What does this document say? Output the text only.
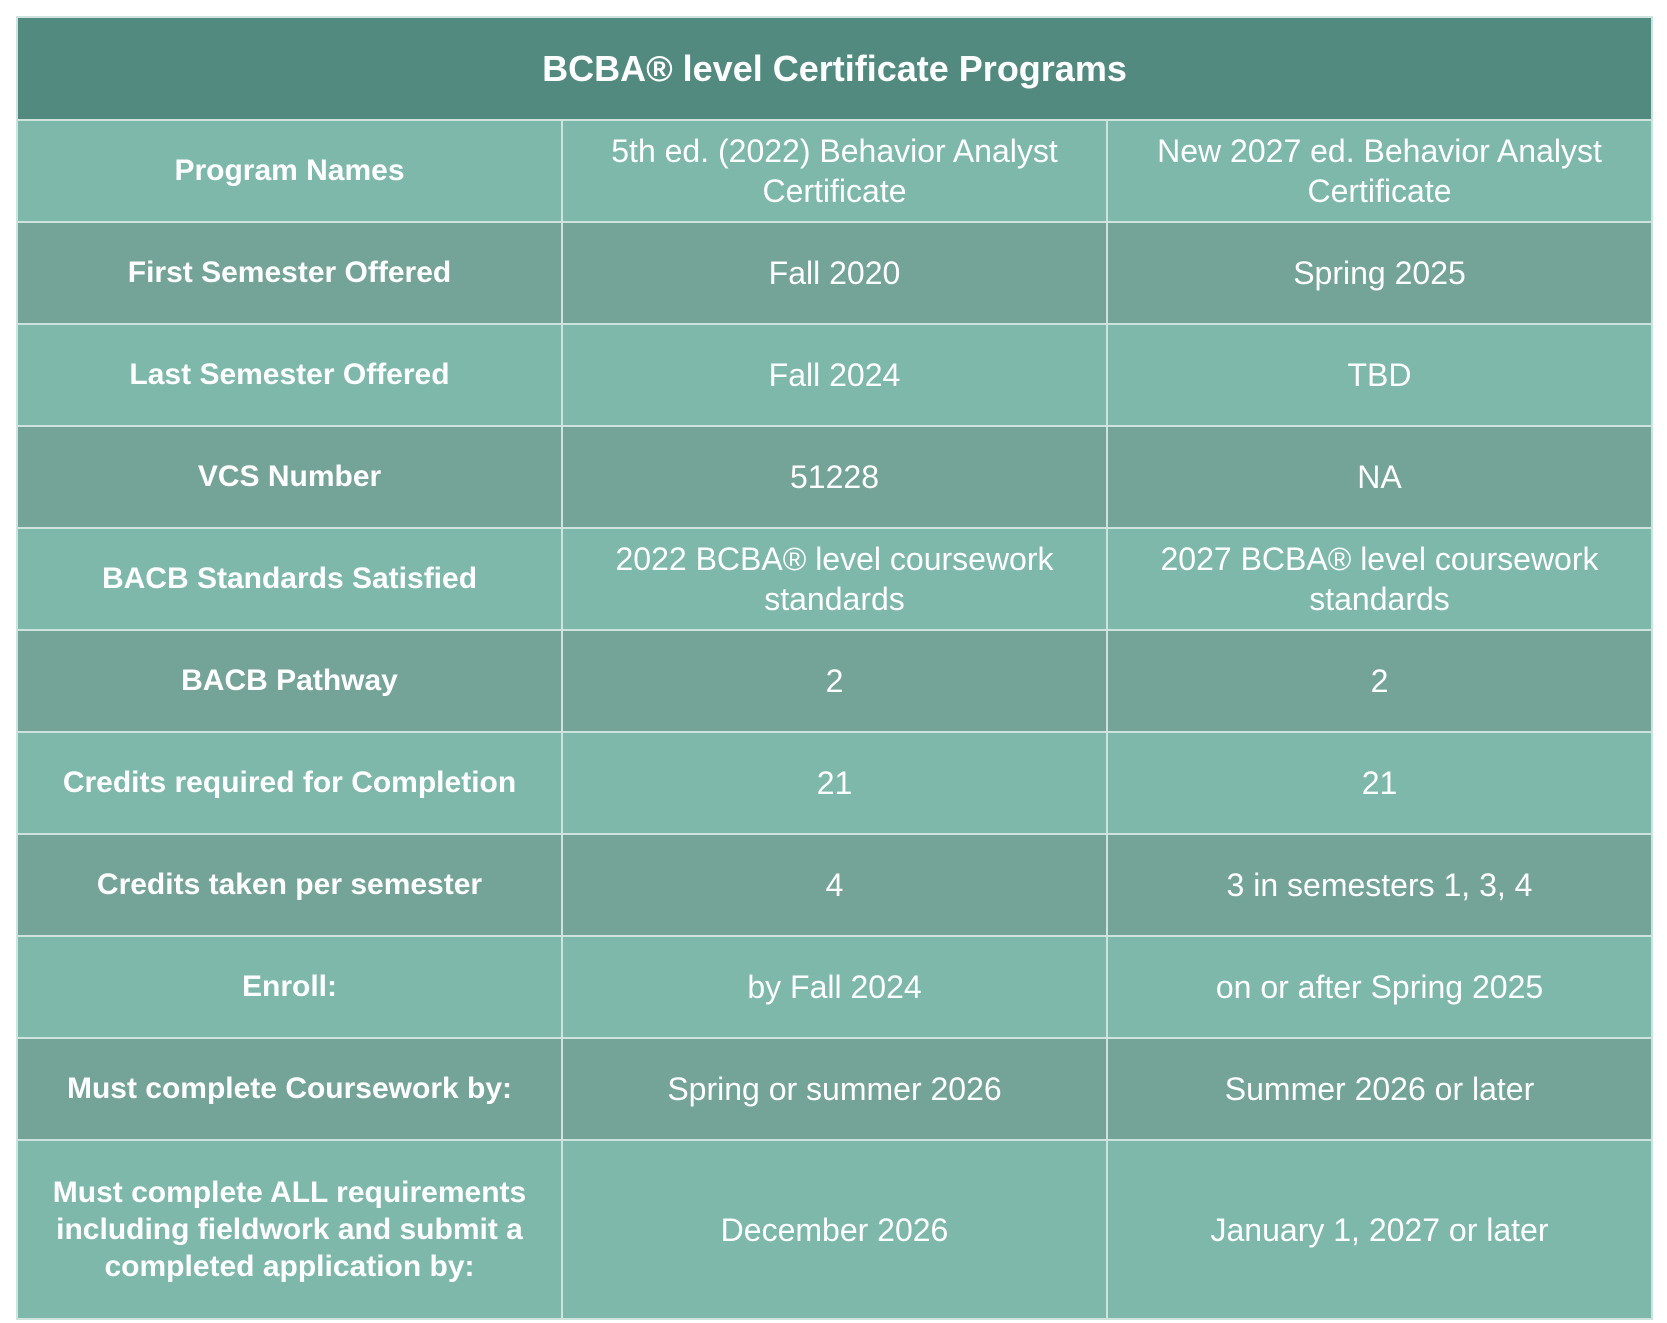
BCBA® level Certificate Programs		
Program Names	5th ed. (2022) Behavior Analyst Certificate	New 2027 ed. Behavior Analyst Certificate
First Semester Offered	Fall 2020	Spring 2025
Last Semester Offered	Fall 2024	TBD
VCS Number	51228	NA
BACB Standards Satisfied	2022 BCBA® level coursework standards	2027 BCBA® level coursework standards
BACB Pathway	2	2
Credits required for Completion	21	21
Credits taken per semester	4	3 in semesters 1, 3, 4
Enroll:	by Fall 2024	on or after Spring 2025
Must complete Coursework by:	Spring or summer 2026	Summer 2026 or later
Must complete ALL requirements including fieldwork and submit a completed application by:	December 2026	January 1, 2027 or later
